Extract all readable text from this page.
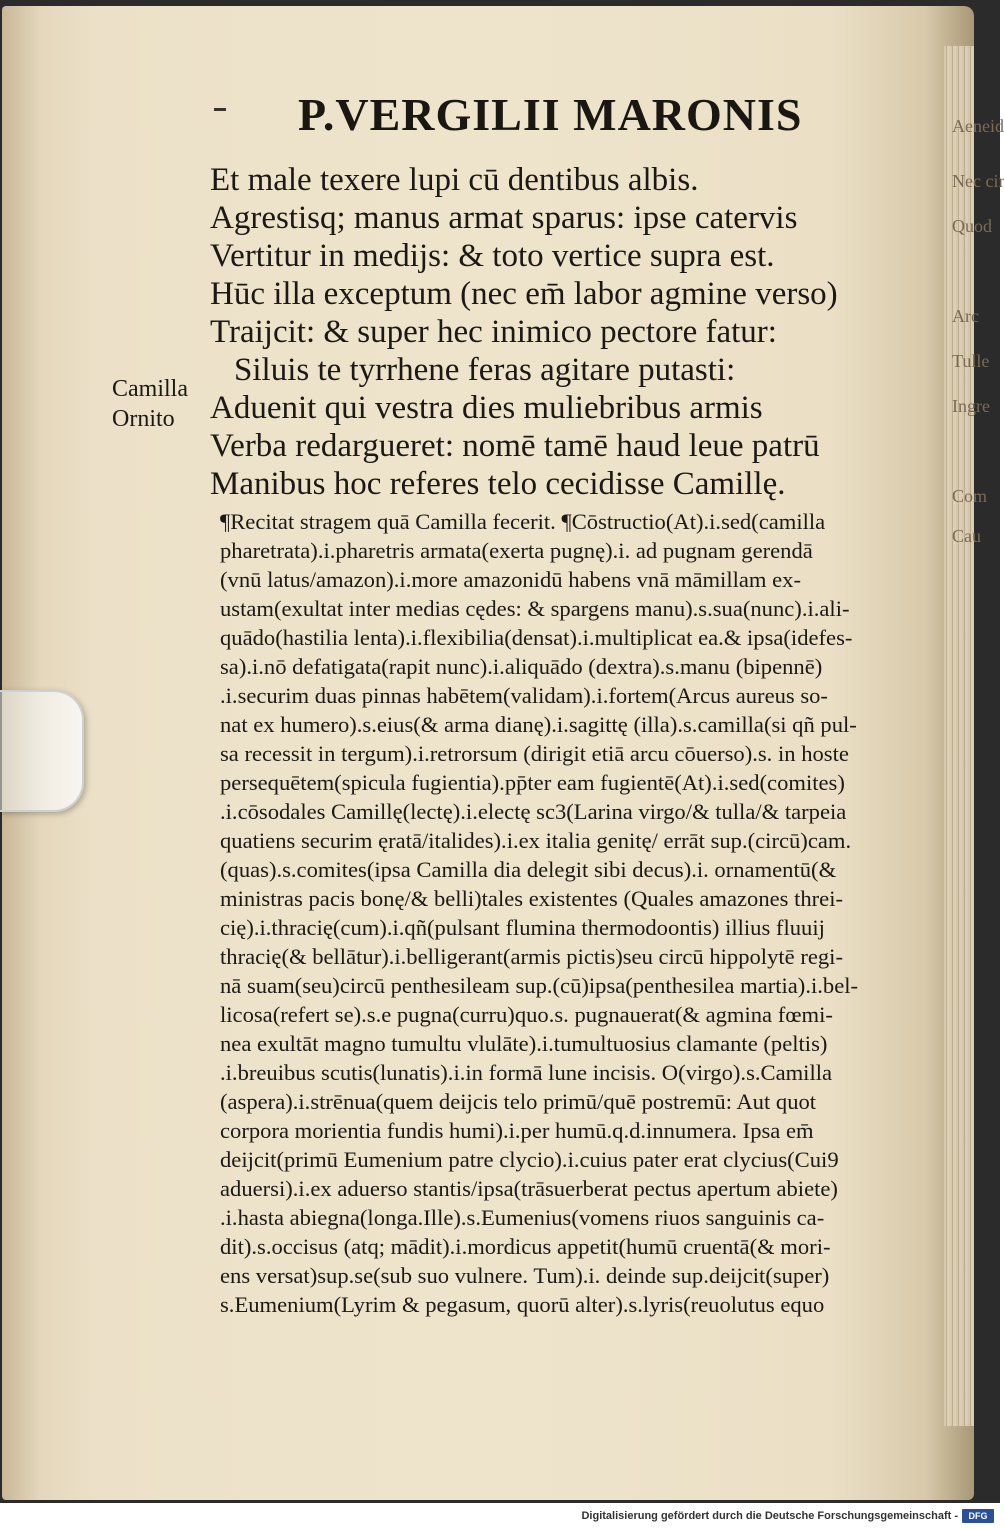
Aeneid
Nec cir
Quod
Arc
Tulle
Ingre
Com
Cau
P.VERGILII MARONIS
Et male texere lupi cū dentibus albis.
Agrestisq; manus armat sparus: ipse catervis
Vertitur in medijs: & toto vertice supra est.
Hūc illa exceptum (nec em̄ labor agmine verso)
Traijcit: & super hec inimico pectore fatur:
Siluis te tyrrhene feras agitare putasti:
Aduenit qui vestra dies muliebribus armis
Verba redargueret: nomē tamē haud leue patrū
Manibus hoc referes telo cecidisse Camillę.
Camilla
Ornito
¶Recitat stragem quā Camilla fecerit. ¶Cōstructio(At).i.sed(camilla
pharetrata).i.pharetris armata(exerta pugnę).i. ad pugnam gerendā
(vnū latus/amazon).i.more amazonidū habens vnā māmillam ex-
ustam(exultat inter medias cędes: & spargens manu).s.sua(nunc).i.ali-
quādo(hastilia lenta).i.flexibilia(densat).i.multiplicat ea.& ipsa(idefes-
sa).i.nō defatigata(rapit nunc).i.aliquādo (dextra).s.manu (bipennē)
.i.securim duas pinnas habētem(validam).i.fortem(Arcus aureus so-
nat ex humero).s.eius(& arma dianę).i.sagittę (illa).s.camilla(si qñ pul-
sa recessit in tergum).i.retrorsum (dirigit etiā arcu cōuerso).s. in hoste
persequētem(spicula fugientia).pp̄ter eam fugientē(At).i.sed(comites)
.i.cōsodales Camillę(lectę).i.electę sc3(Larina virgo/& tulla/& tarpeia
quatiens securim ęratā/italides).i.ex italia genitę/ errāt sup.(circū)cam.
(quas).s.comites(ipsa Camilla dia delegit sibi decus).i. ornamentū(&
ministras pacis bonę/& belli)tales existentes (Quales amazones threi-
cię).i.thracię(cum).i.qñ(pulsant flumina thermodoontis) illius fluuij
thracię(& bellātur).i.belligerant(armis pictis)seu circū hippolytē regi-
nā suam(seu)circū penthesileam sup.(cū)ipsa(penthesilea martia).i.bel-
licosa(refert se).s.e pugna(curru)quo.s. pugnauerat(& agmina fœmi-
nea exultāt magno tumultu vlulāte).i.tumultuosius clamante (peltis)
.i.breuibus scutis(lunatis).i.in formā lune incisis. O(virgo).s.Camilla
(aspera).i.strēnua(quem deijcis telo primū/quē postremū: Aut quot
corpora morientia fundis humi).i.per humū.q.d.innumera. Ipsa em̄
deijcit(primū Eumenium patre clycio).i.cuius pater erat clycius(Cui9
aduersi).i.ex aduerso stantis/ipsa(trāsuerberat pectus apertum abiete)
.i.hasta abiegna(longa.Ille).s.Eumenius(vomens riuos sanguinis ca-
dit).s.occisus (atq; mādit).i.mordicus appetit(humū cruentā(& mori-
ens versat)sup.se(sub suo vulnere. Tum).i. deinde sup.deijcit(super)
s.Eumenium(Lyrim & pegasum, quorū alter).s.lyris(reuolutus equo
Digitalisierung gefördert durch die Deutsche Forschungsgemeinschaft -	DFG
